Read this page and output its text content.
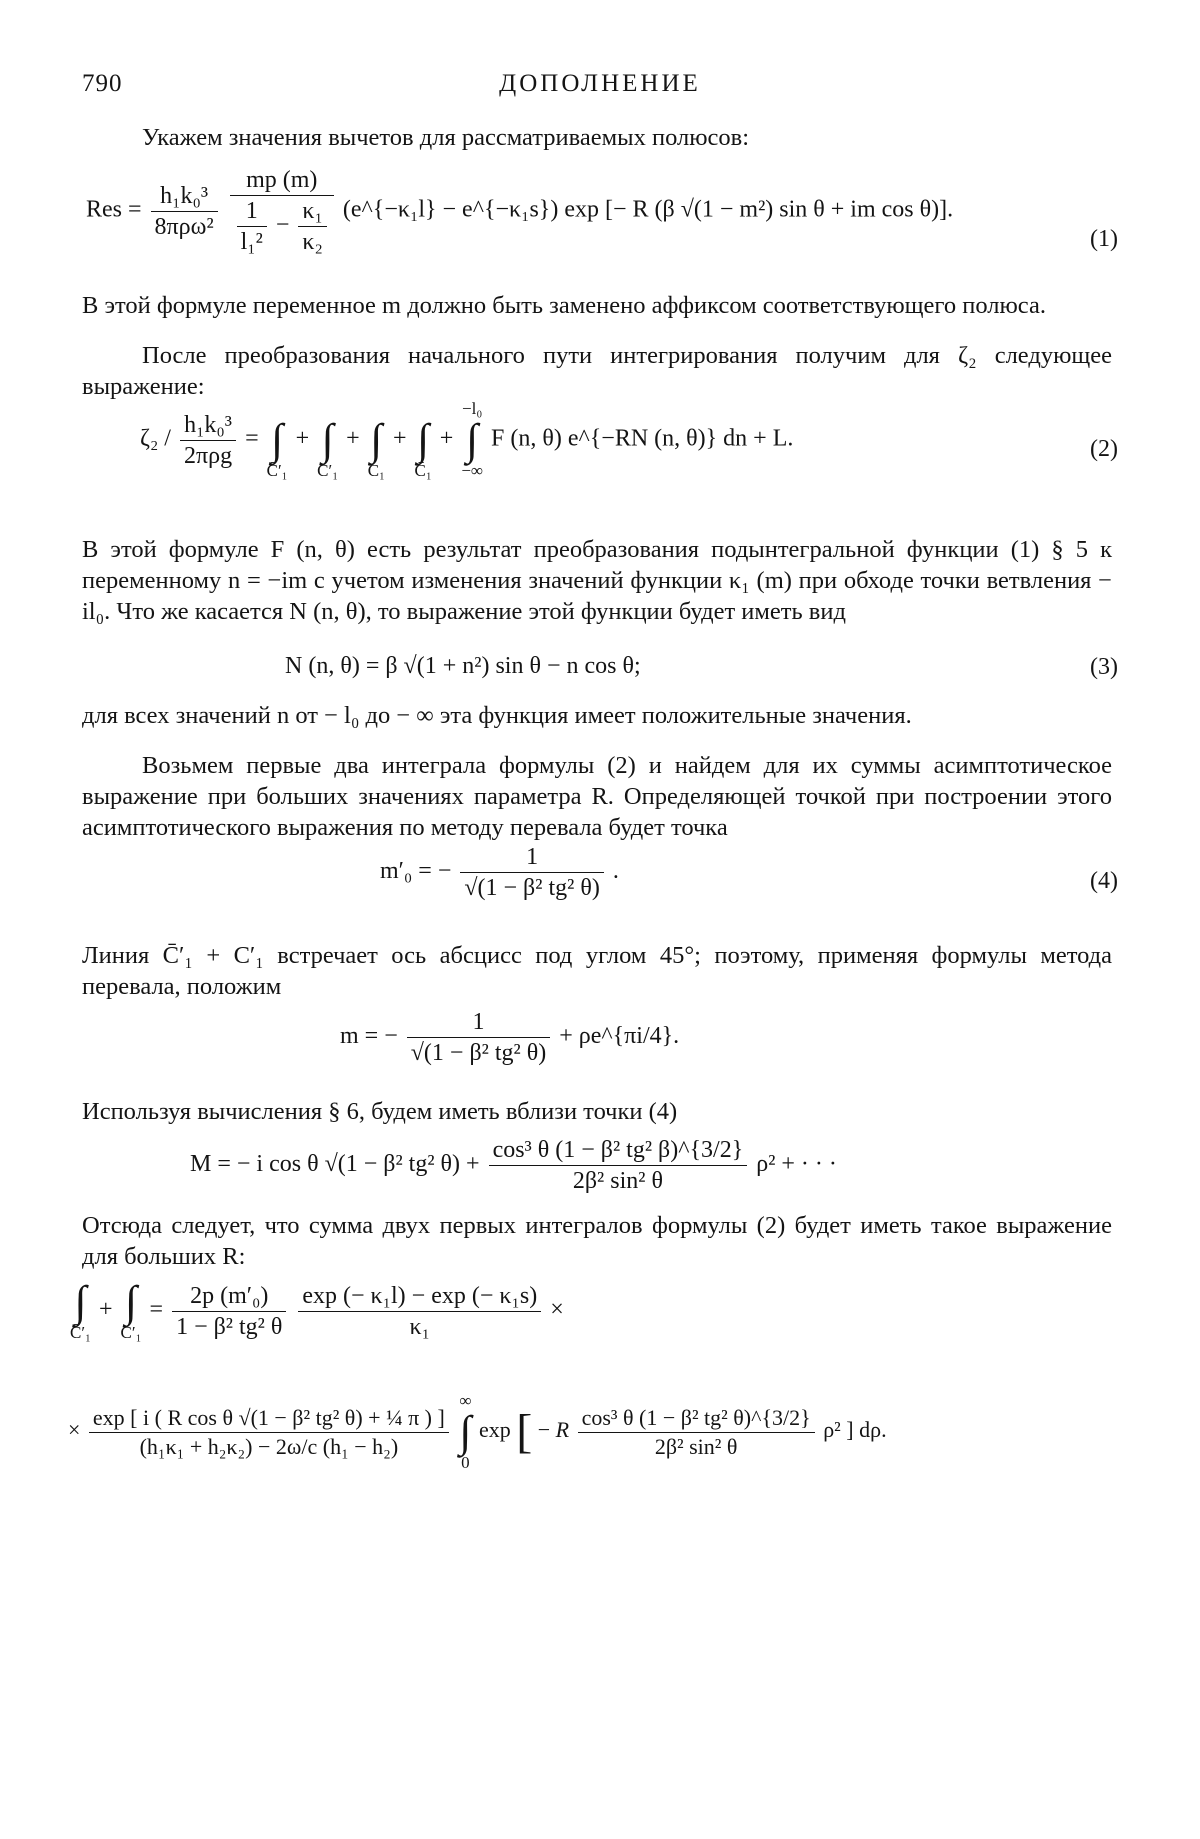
790	ДОПОЛНЕНИЕ
Укажем значения вычетов для рассматриваемых полюсов:
Res = $\frac{\text{h₁k₀³}}{\text{8πρω²}}$
$\frac{mp (m)}{\frac{1}{\text{l₁²}} - \frac{\text{κ₁}}{\text{κ₂}}}$ (e^{−κ₁l} − e^{−κ₁s}) exp [− R (β √(1 − m²) sin θ + im cos θ)].
(1)
В этой формуле переменное m должно быть заменено аффиксом соответствующего полюса.
После преобразования начального пути интегрирования получим для ζ₂ следующее выражение:
$\zeta_2 / \frac{\text{h₁k₀³}}{\text{2πρg}}$ =
∫
C̄′₁
+
∫
C′₁
+
∫
C₁
+
∫
C̄₁
+
−l₀
∫
−∞
F (n, θ) e^{−RN (n, θ)} dn + L.	(2)
В этой формуле F (n, θ) есть результат преобразования подынтегральной функции (1) § 5 к переменному n = −im с учетом изменения значений функции κ₁ (m) при обходе точки ветвления − il₀. Что же касается N (n, θ), то выражение этой функции будет иметь вид
N (n, θ) = β √(1 + n²) sin θ − n cos θ;	(3)
для всех значений n от − l₀ до − ∞ эта функция имеет положительные значения.
Возьмем первые два интеграла формулы (2) и найдем для их суммы асимптотическое выражение при больших значениях параметра R. Определяющей точкой при построении этого асимптотического выражения по методу перевала будет точка
m′₀ = − $\frac{1}{\text{√(1 − β² tg² θ)}}$ .	(4)
Линия C̄′₁ + C′₁ встречает ось абсцисс под углом 45°; поэтому, применяя формулы метода перевала, положим
m = − $\frac{1}{\text{√(1 − β² tg² θ)}}$ + ρe^{πi/4}.
Используя вычисления § 6, будем иметь вблизи точки (4)
M = − i cos θ √(1 − β² tg² $\theta) + \frac{\text{cos³ θ (1 − β² tg² β)\textasciicircum{}\{3/2\}}}{\text{2β² sin² θ}} \rho^2$ + · · ·
Отсюда следует, что сумма двух первых интегралов формулы (2) будет иметь такое выражение для больших R:
∫
C̄′₁
+ ∫
C′₁
= $\frac{\text{2p (m′₀)}}{\text{1 − β² tg² θ}}$
$\frac{\text{exp (− κ₁l) − exp (− κ₁s)}}{\text{κ₁}}$ ×
× $\frac{\text{exp [ i ( R cos θ √(1 − β² tg² θ) + ¼ π ) ]}}{\text{(h₁κ₁ + h₂κ₂) − 2ω/c (h₁ − h₂)}}$

∞
∫
0
exp [ − R $\frac{\text{cos³ θ (1 − β² tg² θ)\textasciicircum{}\{3/2\}}}{\text{2β² sin² θ}} \rho^2$ ] dρ.
